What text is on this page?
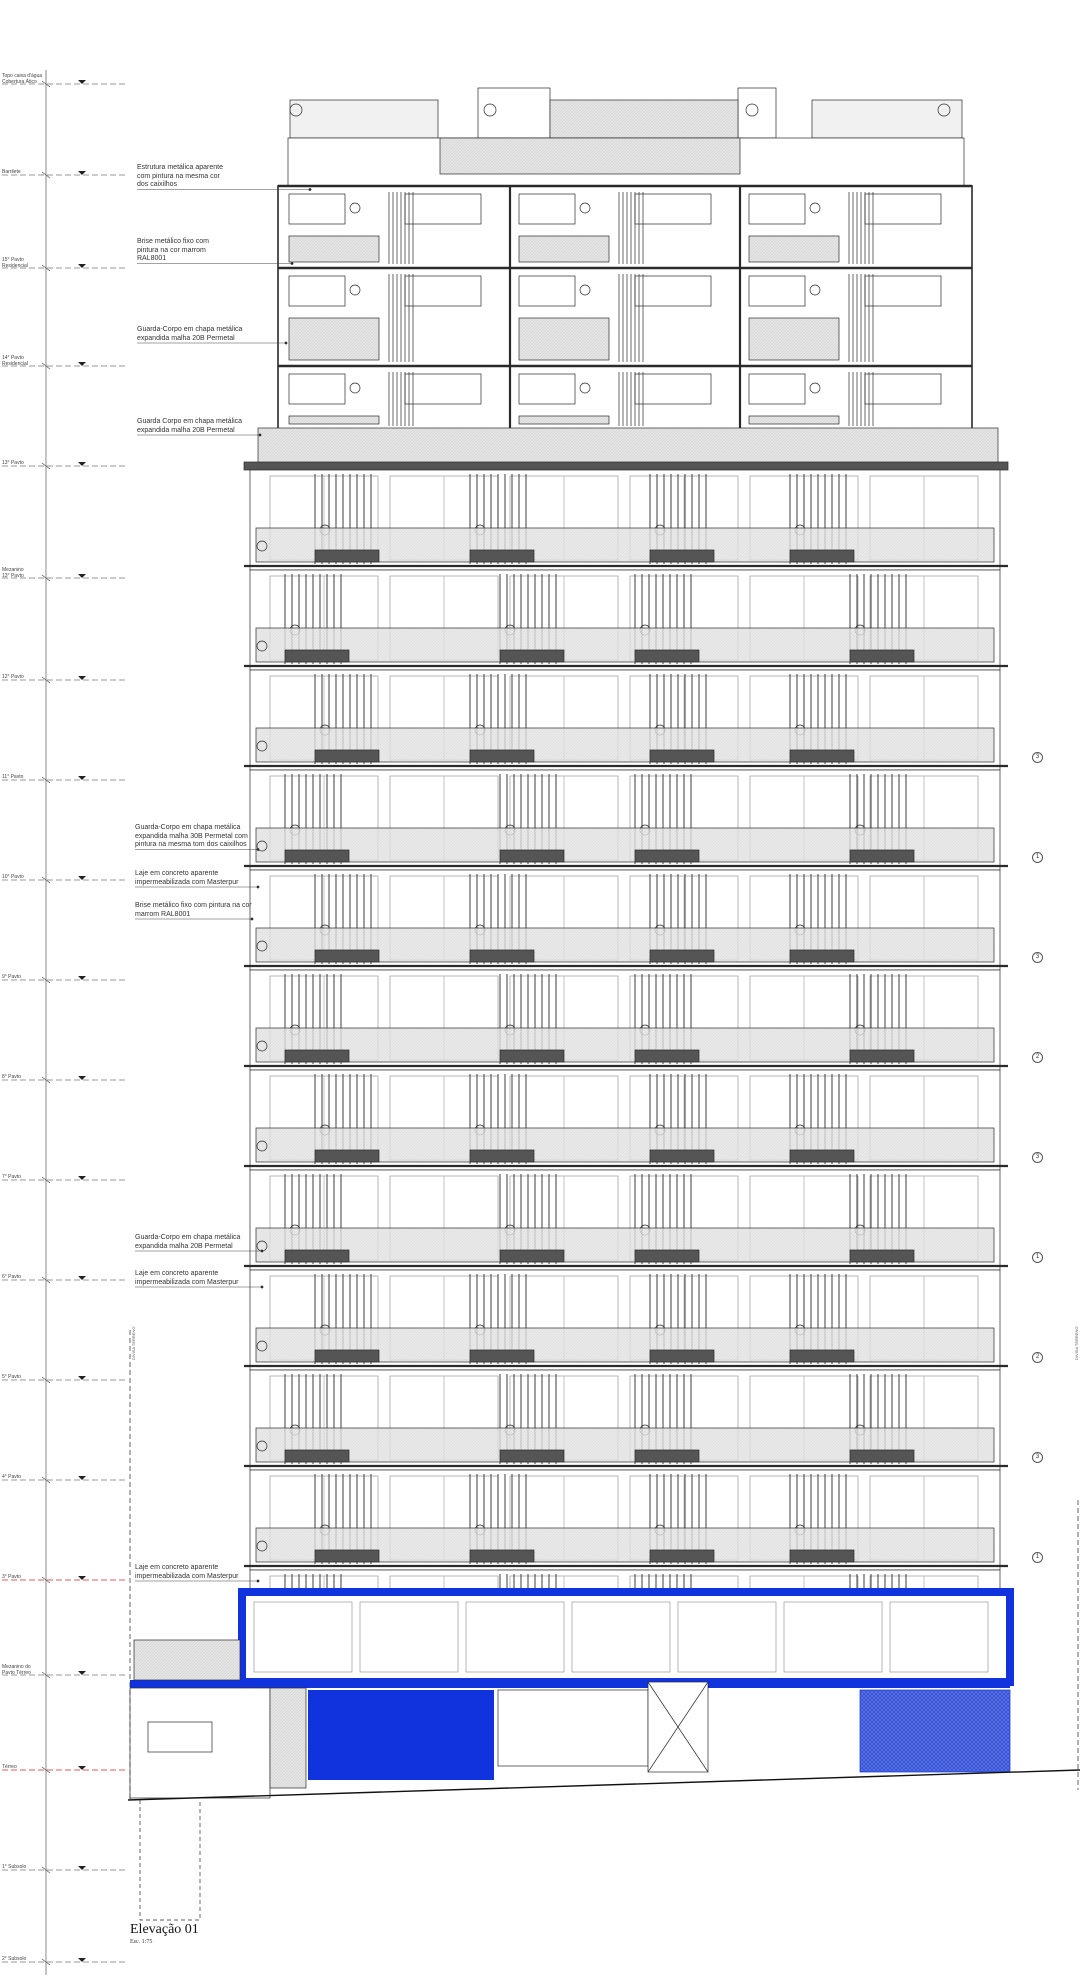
Topo caixa d'água
Cobertura Ático
Barrilete
15° Pavto
Residencial
14° Pavto
Residencial
13° Pavto
Mezanino
13° Pavto
12° Pavto
11° Pavto
10° Pavto
9° Pavto
8° Pavto
7° Pavto
6° Pavto
5° Pavto
4° Pavto
3° Pavto
Mezanino do
Pavto Térreo
Térreo
1° Subsolo
2° Subsolo
Estrutura metálica aparente
com pintura na mesma cor
dos caixilhos
Brise metálico fixo com
pintura na cor marrom
RAL8001
Guarda-Corpo em chapa metálica
expandida malha 20B Permetal
Guarda Corpo em chapa metálica
expandida malha 20B Permetal
Guarda-Corpo em chapa metálica
expandida malha 30B Permetal com
pintura na mesma tom dos caixilhos
Laje em concreto aparente
impermeabilizada com Masterpur
Brise metálico fixo com pintura na cor
marrom RAL8001
Guarda-Corpo em chapa metálica
expandida malha 20B Permetal
Laje em concreto aparente
impermeabilizada com Masterpur
Laje em concreto aparente
impermeabilizada com Masterpur
3
1
3
2
3
1
2
3
1
DIVISA TERRENO	DIVISA TERRENO
Elevação 01
Esc. 1:75
